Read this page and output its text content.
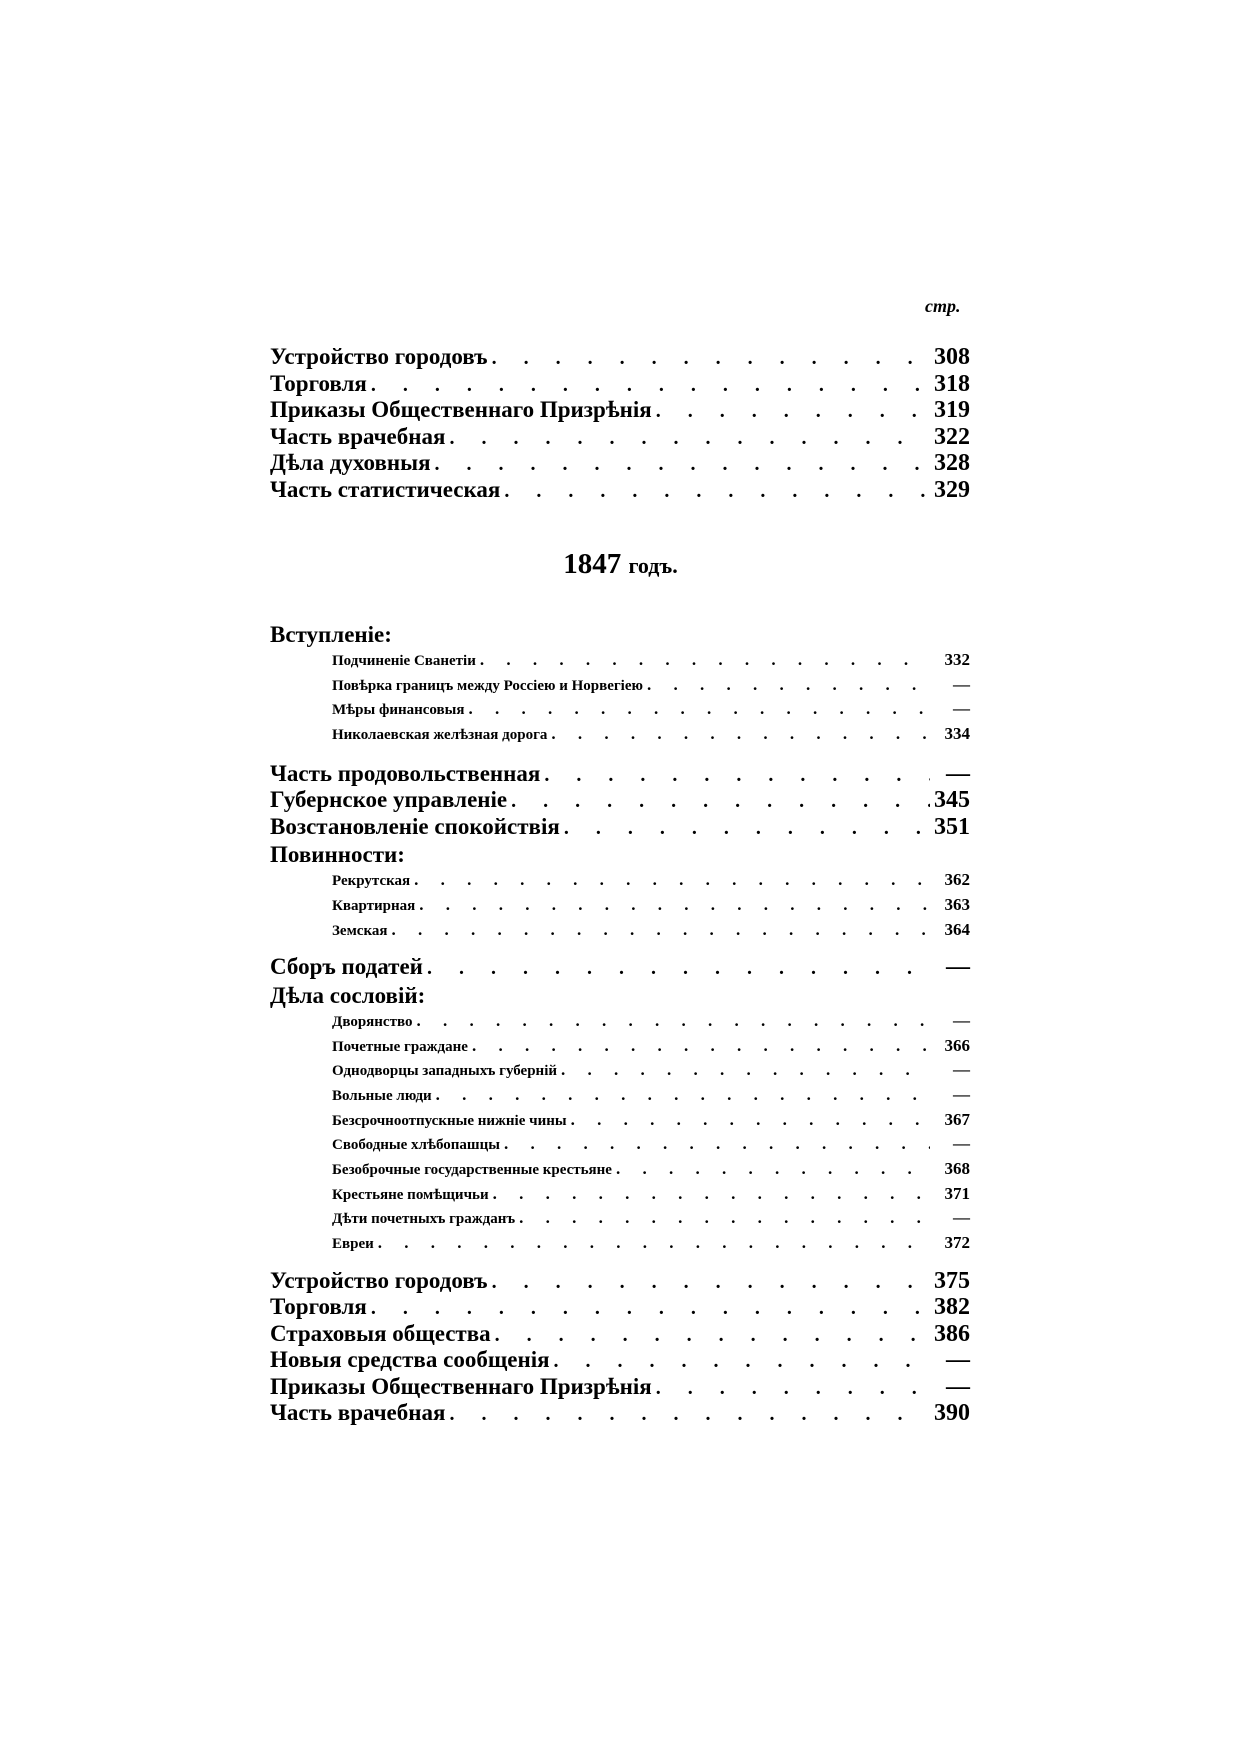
стр.
Устройство городовъ . . .	308
Торговля . . .	318
Приказы Общественнаго Призрѣнія . . .	319
Часть врачебная . . .	322
Дѣла духовныя . . .	328
Часть статистическая . . .	329
1847 годъ.
Вступленіе:
Подчиненіе Сванетіи . . .	332
Повѣрка границъ между Россіею и Норвегіею . . .	—
Мѣры финансовыя . . .	—
Николаевская желѣзная дорога . . .	334
Часть продовольственная . . .	—
Губернское управленіе . . .	345
Возстановленіе спокойствія . . .	351
Повинности:
Рекрутская . . .	362
Квартирная . . .	363
Земская . . .	364
Сборъ податей . . .	—
Дѣла сословій:
Дворянство . . .	—
Почетные граждане . . .	366
Однодворцы западныхъ губерній . . .	—
Вольные люди . . .	—
Безсрочноотпускные нижніе чины . . .	367
Свободные хлѣбопашцы . . .	—
Безоброчные государственные крестьяне . . .	368
Крестьяне помѣщичьи . . .	371
Дѣти почетныхъ гражданъ . . .	—
Евреи . . .	372
Устройство городовъ . . .	375
Торговля . . .	382
Страховыя общества . . .	386
Новыя средства сообщенія . . .	—
Приказы Общественнаго Призрѣнія . . .	—
Часть врачебная . . .	390
